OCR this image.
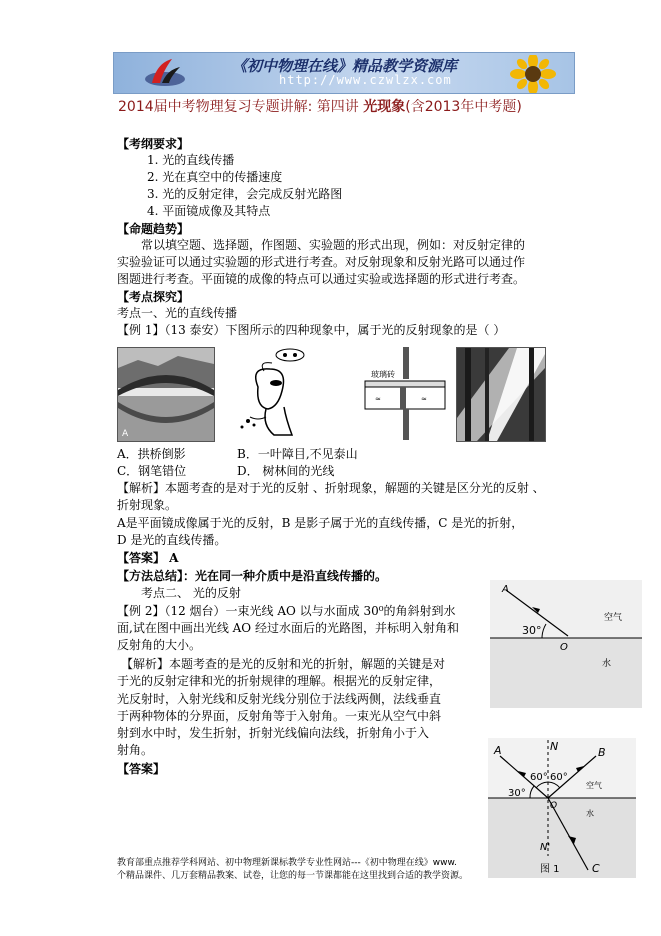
《初中物理在线》精品教学资源库
http://www.czwlzx.com
2014届中考物理复习专题讲解: 第四讲 光现象(含2013年中考题)
【考纲要求】
1. 光的直线传播
2. 光在真空中的传播速度
3. 光的反射定律，会完成反射光路图
4. 平面镜成像及其特点
【命题趋势】
常以填空题、选择题，作图题、实验题的形式出现，例如：对反射定律的
实验验证可以通过实验题的形式进行考查。对反射现象和反射光路可以通过作
图题进行考查。平面镜的成像的特点可以通过实验或选择题的形式进行考查。
【考点探究】
考点一、光的直线传播
【例 1】（13 泰安）下图所示的四种现象中，属于光的反射现象的是（ ）
A
玻璃砖
≈	≈
A．拱桥倒影	B．一叶障目,不见泰山
C．钢笔错位	D． 树林间的光线
【解析】本题考查的是对于光的反射 、折射现象，解题的关键是区分光的反射 、
折射现象。
A是平面镜成像属于光的反射，B 是影子属于光的直线传播，C 是光的折射，
D 是光的直线传播。
【答案】 A
【方法总结】：光在同一种介质中是沿直线传播的。
考点二、 光的反射
【例 2】（12 烟台）一束光线 AO 以与水面成 30⁰的角斜射到水
面,试在图中画出光线 AO 经过水面后的光路图，并标明入射角和
反射角的大小。
【解析】本题考查的是光的反射和光的折射，解题的关键是对
于光的反射定律和光的折射规律的理解。根据光的反射定律，
光反射时，入射光线和反射光线分别位于法线两侧，法线垂直
于两种物体的分界面，反射角等于入射角。一束光从空气中斜
射到水中时，发生折射，折射光线偏向法线，折射角小于入
射角。
【答案】
A
30°
O
空气
水
N
A	B
60° 60°
30°
O
空气
水
N'
C
图 1
教育部重点推荐学科网站、初中物理新课标教学专业性网站---《初中物理在线》www.
个精品课件、几万套精品教案、试卷，让您的每一节课都能在这里找到合适的教学资源。
